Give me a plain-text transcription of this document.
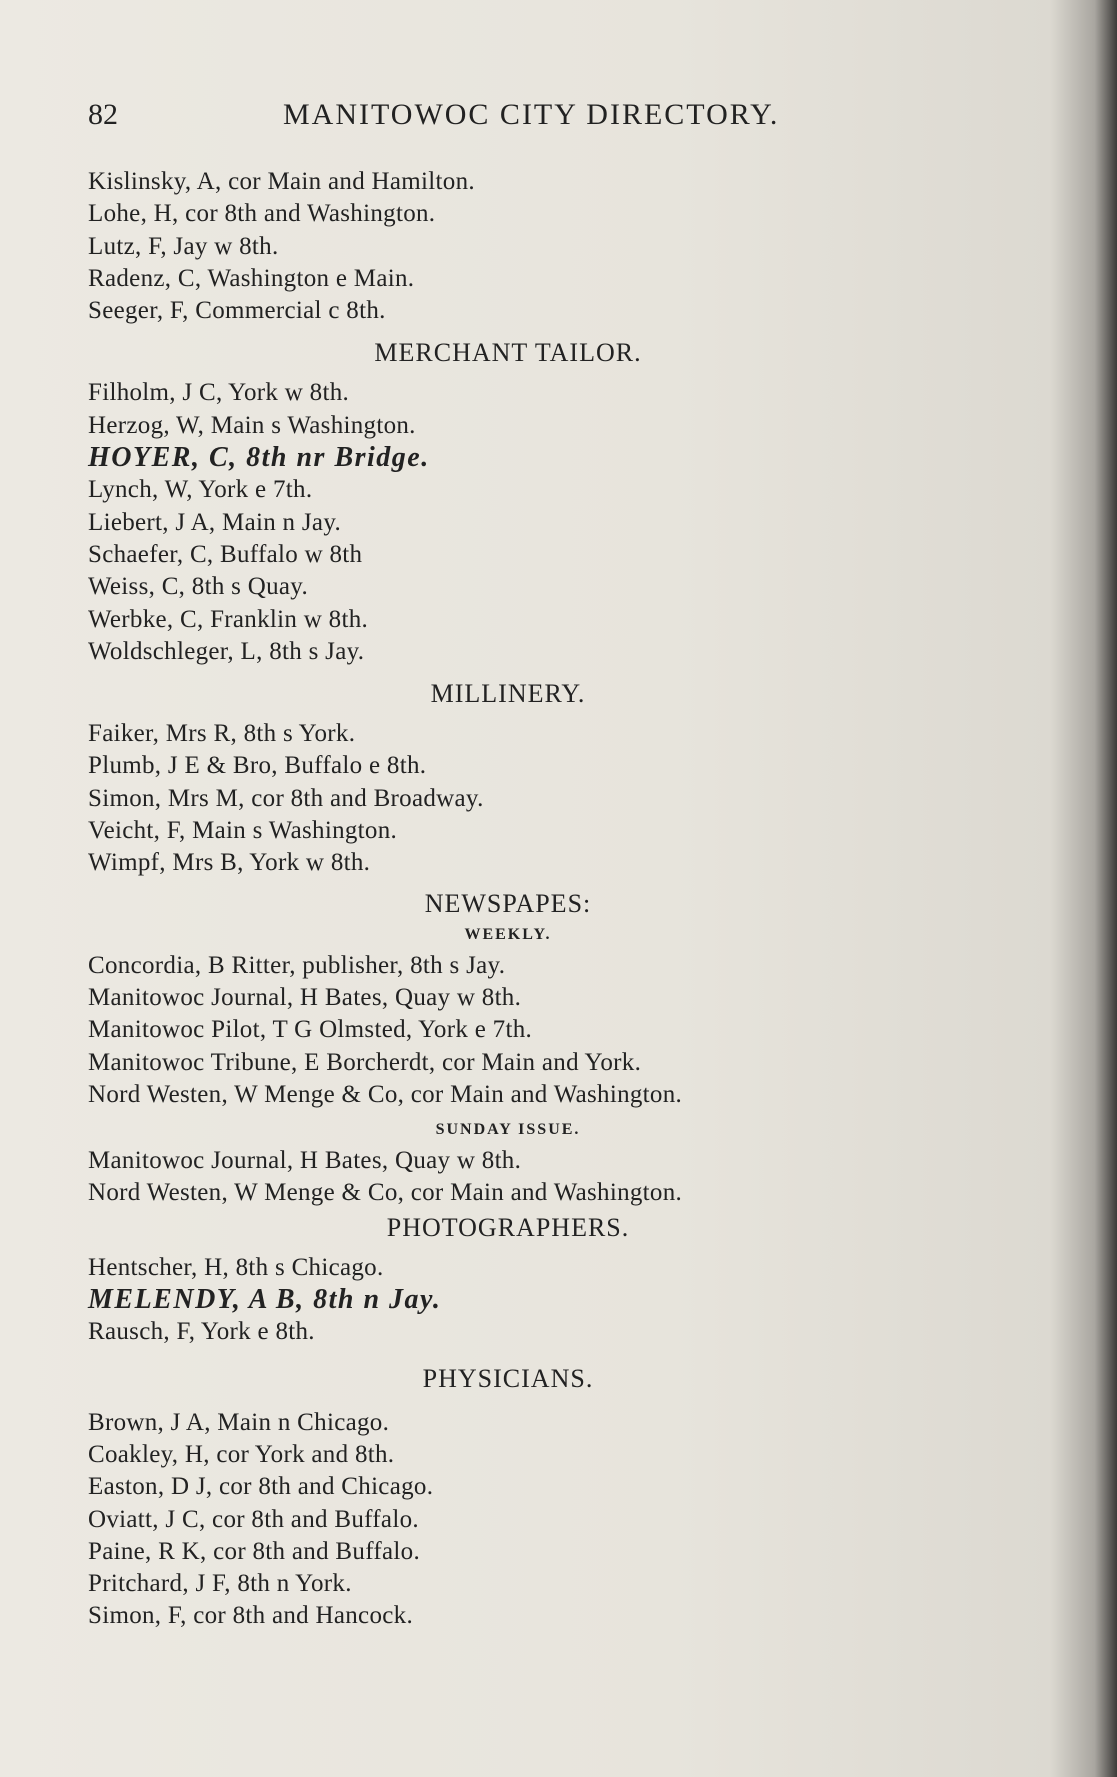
82	MANITOWOC CITY DIRECTORY.
Kislinsky, A, cor Main and Hamilton.
Lohe, H, cor 8th and Washington.
Lutz, F, Jay w 8th.
Radenz, C, Washington e Main.
Seeger, F, Commercial c 8th.
MERCHANT TAILOR.
Filholm, J C, York w 8th.
Herzog, W, Main s Washington.
HOYER, C, 8th nr Bridge.
Lynch, W, York e 7th.
Liebert, J A, Main n Jay.
Schaefer, C, Buffalo w 8th
Weiss, C, 8th s Quay.
Werbke, C, Franklin w 8th.
Woldschleger, L, 8th s Jay.
MILLINERY.
Faiker, Mrs R, 8th s York.
Plumb, J E & Bro, Buffalo e 8th.
Simon, Mrs M, cor 8th and Broadway.
Veicht, F, Main s Washington.
Wimpf, Mrs B, York w 8th.
NEWSPAPES:
WEEKLY.
Concordia, B Ritter, publisher, 8th s Jay.
Manitowoc Journal, H Bates, Quay w 8th.
Manitowoc Pilot, T G Olmsted, York e 7th.
Manitowoc Tribune, E Borcherdt, cor Main and York.
Nord Westen, W Menge & Co, cor Main and Washington.
SUNDAY ISSUE.
Manitowoc Journal, H Bates, Quay w 8th.
Nord Westen, W Menge & Co, cor Main and Washington.
PHOTOGRAPHERS.
Hentscher, H, 8th s Chicago.
MELENDY, A B, 8th n Jay.
Rausch, F, York e 8th.
PHYSICIANS.
Brown, J A, Main n Chicago.
Coakley, H, cor York and 8th.
Easton, D J, cor 8th and Chicago.
Oviatt, J C, cor 8th and Buffalo.
Paine, R K, cor 8th and Buffalo.
Pritchard, J F, 8th n York.
Simon, F, cor 8th and Hancock.
